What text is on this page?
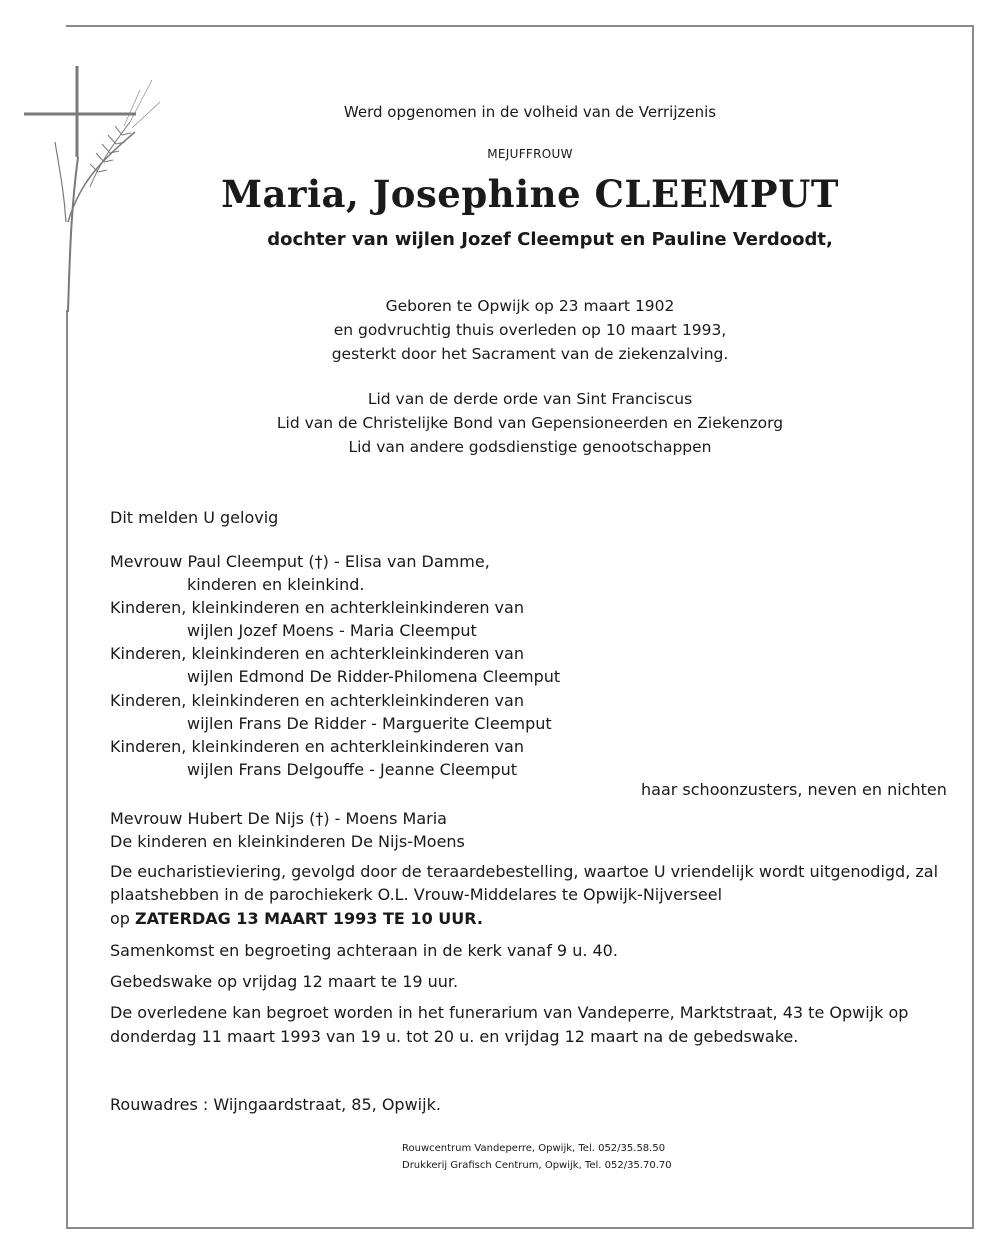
Werd opgenomen in de volheid van de Verrijzenis
MEJUFFROUW
Maria, Josephine CLEEMPUT
dochter van wijlen Jozef Cleemput en Pauline Verdoodt,
Geboren te Opwijk op 23 maart 1902
en godvruchtig thuis overleden op 10 maart 1993,
gesterkt door het Sacrament van de ziekenzalving.
Lid van de derde orde van Sint Franciscus
Lid van de Christelijke Bond van Gepensioneerden en Ziekenzorg
Lid van andere godsdienstige genootschappen
Dit melden U gelovig
Mevrouw Paul Cleemput (†) - Elisa van Damme,
kinderen en kleinkind.
Kinderen, kleinkinderen en achterkleinkinderen van
wijlen Jozef Moens - Maria Cleemput
Kinderen, kleinkinderen en achterkleinkinderen van
wijlen Edmond De Ridder-Philomena Cleemput
Kinderen, kleinkinderen en achterkleinkinderen van
wijlen Frans De Ridder - Marguerite Cleemput
Kinderen, kleinkinderen en achterkleinkinderen van
wijlen Frans Delgouffe - Jeanne Cleemput
haar schoonzusters, neven en nichten
Mevrouw Hubert De Nijs (†) - Moens Maria
De kinderen en kleinkinderen De Nijs-Moens
De eucharistieviering, gevolgd door de teraardebestelling, waartoe U vriendelijk wordt uitgenodigd, zal
plaatshebben in de parochiekerk O.L. Vrouw-Middelares te Opwijk-Nijverseel
op ZATERDAG 13 MAART 1993 TE 10 UUR.
Samenkomst en begroeting achteraan in de kerk vanaf 9 u. 40.
Gebedswake op vrijdag 12 maart te 19 uur.
De overledene kan begroet worden in het funerarium van Vandeperre, Marktstraat, 43 te Opwijk op
donderdag 11 maart 1993 van 19 u. tot 20 u. en vrijdag 12 maart na de gebedswake.
Rouwadres : Wijngaardstraat, 85, Opwijk.
Rouwcentrum Vandeperre, Opwijk, Tel. 052/35.58.50
Drukkerij Grafisch Centrum, Opwijk, Tel. 052/35.70.70
